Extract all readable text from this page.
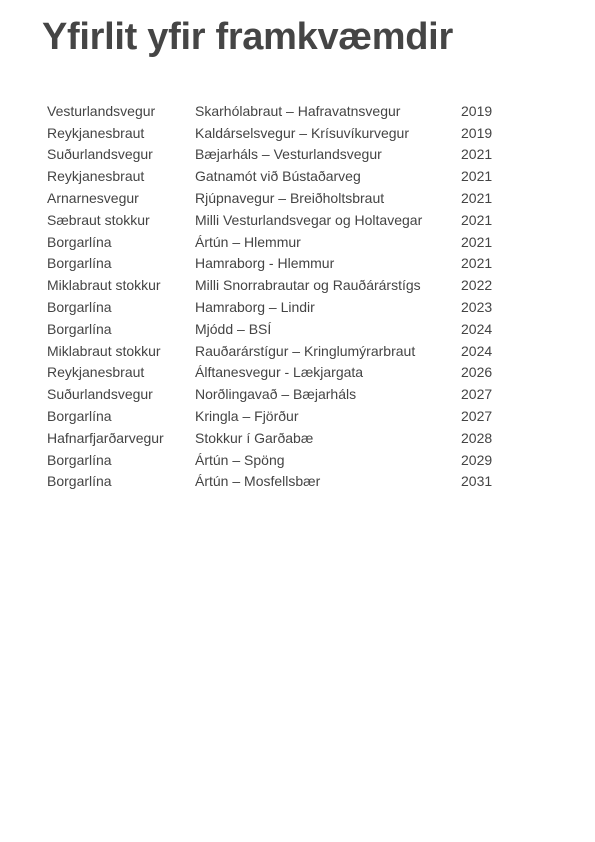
Yfirlit yfir framkvæmdir
Vesturlandsvegur	Skarhólabraut – Hafravatnsvegur	2019
Reykjanesbraut	Kaldárselsvegur – Krísuvíkurvegur	2019
Suðurlandsvegur	Bæjarháls – Vesturlandsvegur	2021
Reykjanesbraut	Gatnamót við Bústaðarveg	2021
Arnarnesvegur	Rjúpnavegur – Breiðholtsbraut	2021
Sæbraut stokkur	Milli Vesturlandsvegar og Holtavegar	2021
Borgarlína	Ártún – Hlemmur	2021
Borgarlína	Hamraborg - Hlemmur	2021
Miklabraut stokkur	Milli Snorrabrautar og Rauðárárstígs	2022
Borgarlína	Hamraborg – Lindir	2023
Borgarlína	Mjódd – BSÍ	2024
Miklabraut stokkur	Rauðarárstígur – Kringlumýrarbraut	2024
Reykjanesbraut	Álftanesvegur - Lækjargata	2026
Suðurlandsvegur	Norðlingavað – Bæjarháls	2027
Borgarlína	Kringla – Fjörður	2027
Hafnarfjarðarvegur	Stokkur í Garðabæ	2028
Borgarlína	Ártún – Spöng	2029
Borgarlína	Ártún – Mosfellsbær	2031
